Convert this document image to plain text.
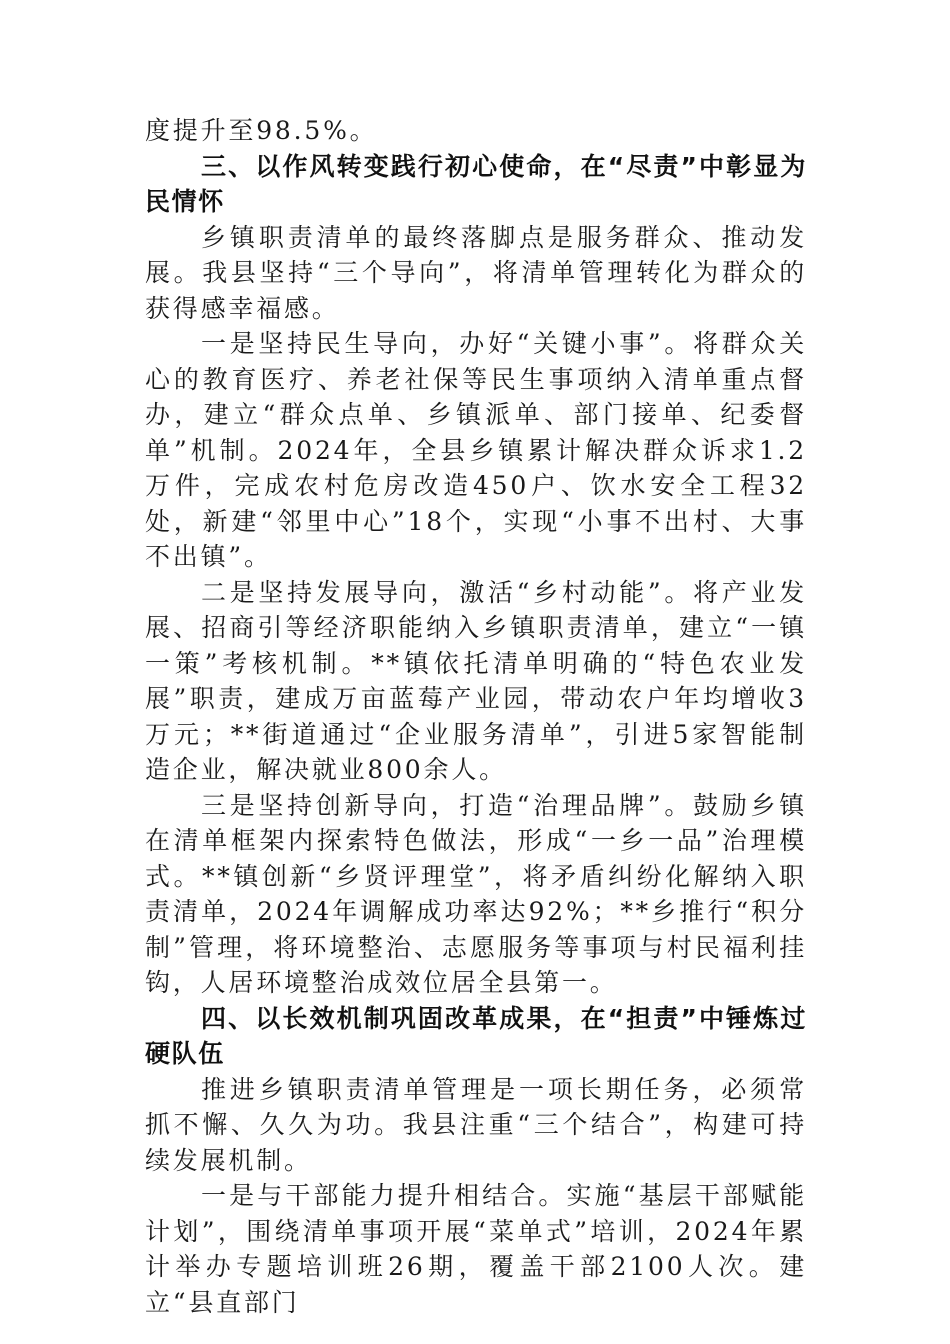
度提升至98.5%。

三、以作风转变践行初心使命，在“尽责”中彰显为民情怀

乡镇职责清单的最终落脚点是服务群众、推动发展。我县坚持“三个导向”，将清单管理转化为群众的获得感幸福感。

一是坚持民生导向，办好“关键小事”。将群众关心的教育医疗、养老社保等民生事项纳入清单重点督办，建立“群众点单、乡镇派单、部门接单、纪委督单”机制。2024年，全县乡镇累计解决群众诉求1.2万件，完成农村危房改造450户、饮水安全工程32处，新建“邻里中心”18个，实现“小事不出村、大事不出镇”。

二是坚持发展导向，激活“乡村动能”。将产业发展、招商引等经济职能纳入乡镇职责清单，建立“一镇一策”考核机制。**镇依托清单明确的“特色农业发展”职责，建成万亩蓝莓产业园，带动农户年均增收3万元；**街道通过“企业服务清单”，引进5家智能制造企业，解决就业800余人。

三是坚持创新导向，打造“治理品牌”。鼓励乡镇在清单框架内探索特色做法，形成“一乡一品”治理模式。**镇创新“乡贤评理堂”，将矛盾纠纷化解纳入职责清单，2024年调解成功率达92%；**乡推行“积分制”管理，将环境整治、志愿服务等事项与村民福利挂钩，人居环境整治成效位居全县第一。

四、以长效机制巩固改革成果，在“担责”中锤炼过硬队伍

推进乡镇职责清单管理是一项长期任务，必须常抓不懈、久久为功。我县注重“三个结合”，构建可持续发展机制。

一是与干部能力提升相结合。实施“基层干部赋能计划”，围绕清单事项开展“菜单式”培训，2024年累计举办专题培训班26期，覆盖干部2100人次。建立“县直部门
